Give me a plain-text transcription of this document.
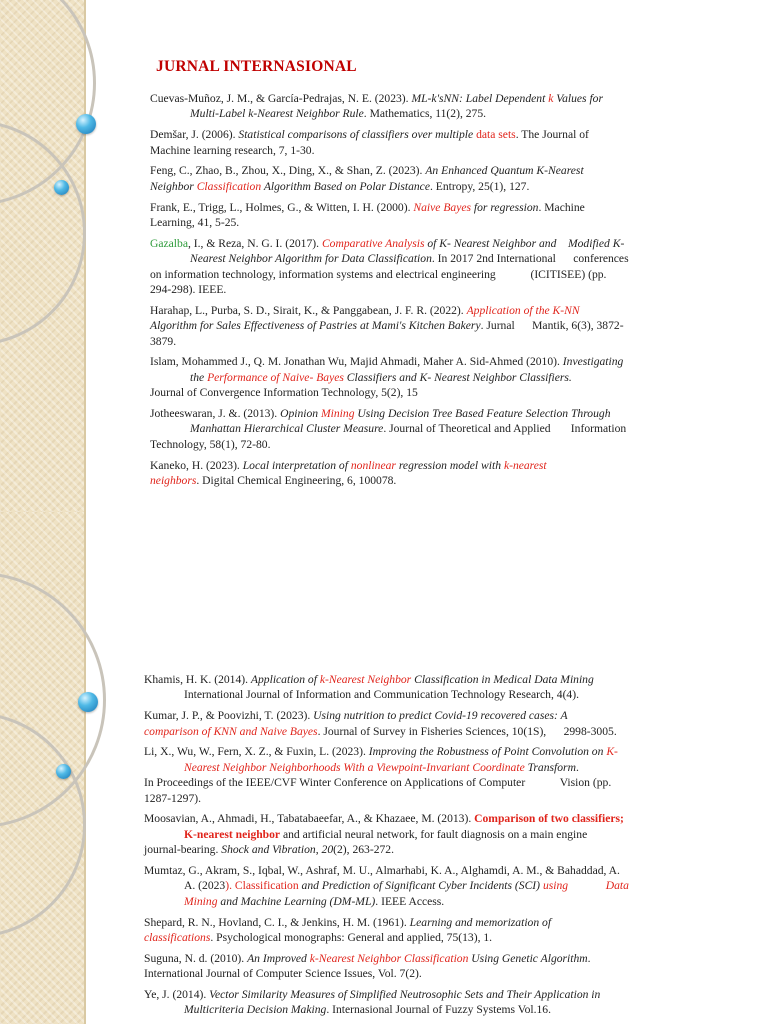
JURNAL INTERNASIONAL

Cuevas-Muñoz, J. M., & García-Pedrajas, N. E. (2023). ML-k'sNN: Label Dependent k Values for
Multi-Label k-Nearest Neighbor Rule. Mathematics, 11(2), 275.

Demšar, J. (2006). Statistical comparisons of classifiers over multiple data sets. The Journal of
Machine learning research, 7, 1-30.

Feng, C., Zhao, B., Zhou, X., Ding, X., & Shan, Z. (2023). An Enhanced Quantum K-Nearest
Neighbor Classification Algorithm Based on Polar Distance. Entropy, 25(1), 127.

Frank, E., Trigg, L., Holmes, G., & Witten, I. H. (2000). Naive Bayes for regression. Machine
Learning, 41, 5-25.

Gazalba, I., & Reza, N. G. I. (2017). Comparative Analysis of K- Nearest Neighbor and    Modified K-
Nearest Neighbor Algorithm for Data Classification. In 2017 2nd International      conferences
on information technology, information systems and electrical engineering            (ICITISEE) (pp.
294-298). IEEE.

Harahap, L., Purba, S. D., Sirait, K., & Panggabean, J. F. R. (2022). Application of the K-NN
Algorithm for Sales Effectiveness of Pastries at Mami's Kitchen Bakery. Jurnal      Mantik, 6(3), 3872-
3879.

Islam, Mohammed J., Q. M. Jonathan Wu, Majid Ahmadi, Maher A. Sid-Ahmed (2010). Investigating
the Performance of Naive- Bayes Classifiers and K- Nearest Neighbor Classifiers.
Journal of Convergence Information Technology, 5(2), 15

Jotheeswaran, J. &. (2013). Opinion Mining Using Decision Tree Based Feature Selection Through
Manhattan Hierarchical Cluster Measure. Journal of Theoretical and Applied       Information
Technology, 58(1), 72-80.

Kaneko, H. (2023). Local interpretation of nonlinear regression model with k-nearest
neighbors. Digital Chemical Engineering, 6, 100078.

Khamis, H. K. (2014). Application of k-Nearest Neighbor Classification in Medical Data Mining
International Journal of Information and Communication Technology Research, 4(4).

Kumar, J. P., & Poovizhi, T. (2023). Using nutrition to predict Covid-19 recovered cases: A
comparison of KNN and Naive Bayes. Journal of Survey in Fisheries Sciences, 10(1S),      2998-3005.

Li, X., Wu, W., Fern, X. Z., & Fuxin, L. (2023). Improving the Robustness of Point Convolution on K-
Nearest Neighbor Neighborhoods With a Viewpoint-Invariant Coordinate Transform.
In Proceedings of the IEEE/CVF Winter Conference on Applications of Computer            Vision (pp.
1287-1297).

Moosavian, A., Ahmadi, H., Tabatabaeefar, A., & Khazaee, M. (2013). Comparison of two classifiers;
K-nearest neighbor and artificial neural network, for fault diagnosis on a main engine
journal-bearing. Shock and Vibration, 20(2), 263-272.

Mumtaz, G., Akram, S., Iqbal, W., Ashraf, M. U., Almarhabi, K. A., Alghamdi, A. M., & Bahaddad, A.
A. (2023). Classification and Prediction of Significant Cyber Incidents (SCI) using             Data
Mining and Machine Learning (DM-ML). IEEE Access.

Shepard, R. N., Hovland, C. I., & Jenkins, H. M. (1961). Learning and memorization of
classifications. Psychological monographs: General and applied, 75(13), 1.

Suguna, N. d. (2010). An Improved k-Nearest Neighbor Classification Using Genetic Algorithm.
International Journal of Computer Science Issues, Vol. 7(2).

Ye, J. (2014). Vector Similarity Measures of Simplified Neutrosophic Sets and Their Application in
Multicriteria Decision Making. Internasional Journal of Fuzzy Systems Vol.16.
